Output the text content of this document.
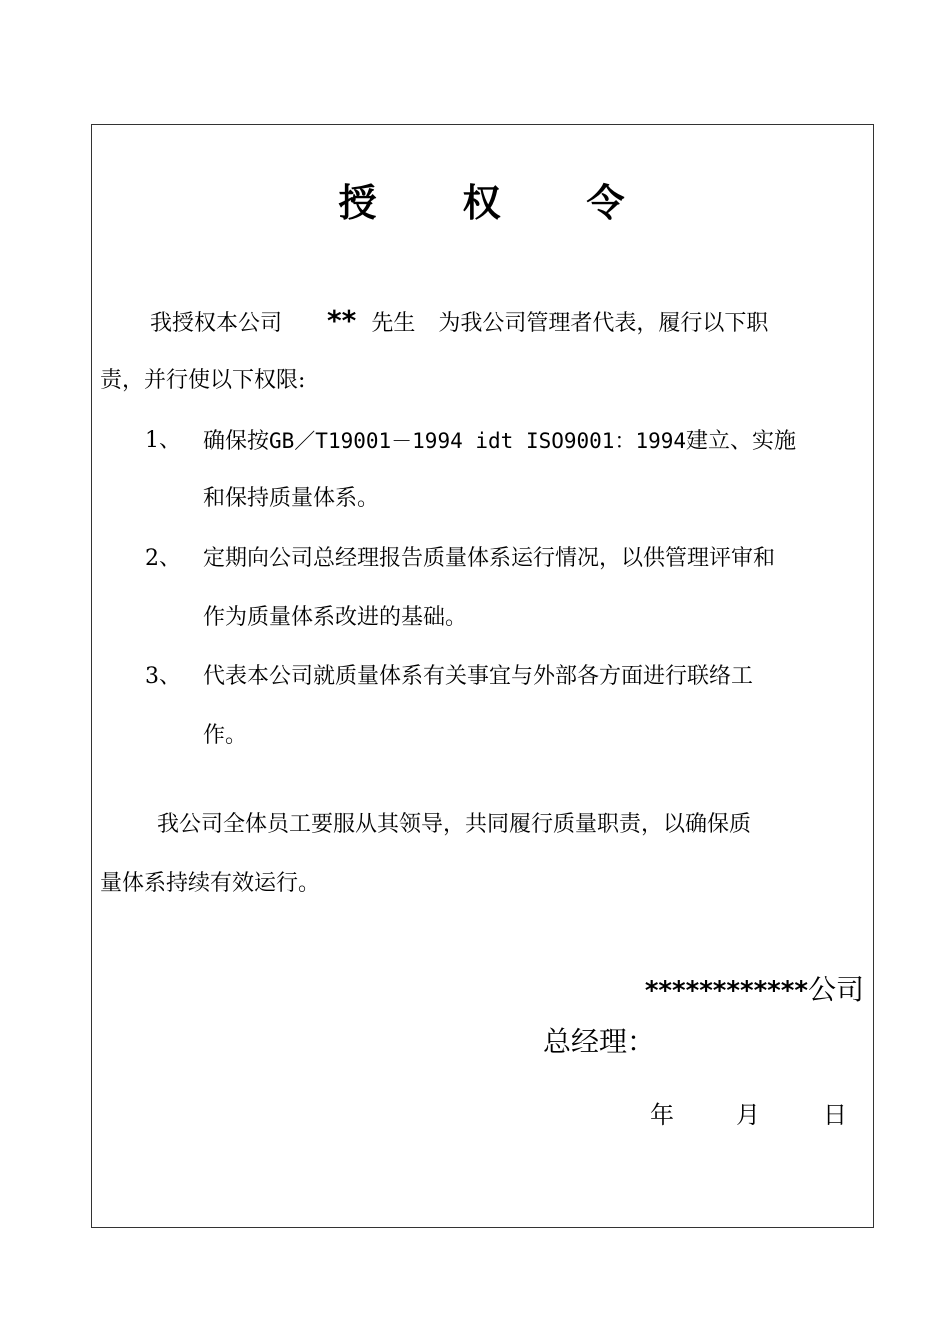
授 权 令
我授权本公司 ** 先生 为我公司管理者代表，履行以下职
责，并行使以下权限:
1、 确保按GB／T19001－1994 idt ISO9001：1994建立、实施
和保持质量体系。
2、 定期向公司总经理报告质量体系运行情况，以供管理评审和
作为质量体系改进的基础。
3、 代表本公司就质量体系有关事宜与外部各方面进行联络工
作。
我公司全体员工要服从其领导，共同履行质量职责，以确保质
量体系持续有效运行。
************公司
总经理：
年	月	日
